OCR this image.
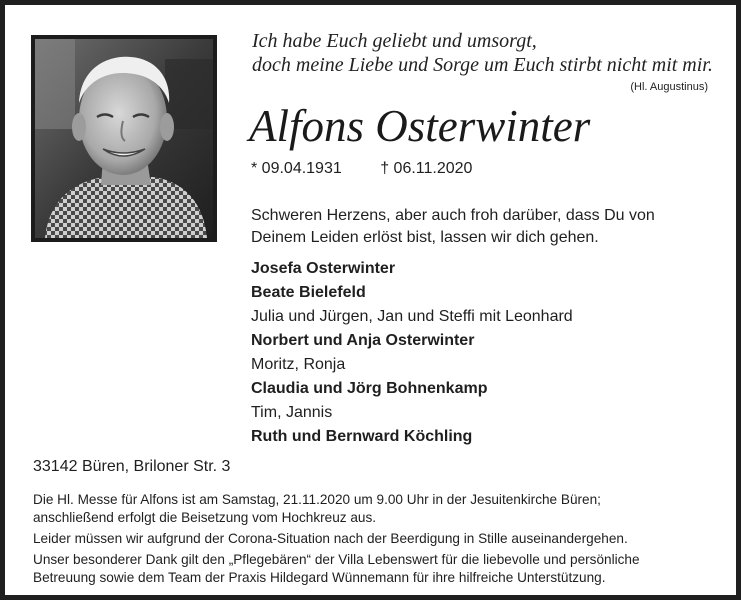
Ich habe Euch geliebt und umsorgt,
doch meine Liebe und Sorge um Euch stirbt nicht mit mir.
(Hl. Augustinus)
Alfons Osterwinter
* 09.04.1931 † 06.11.2020
Schweren Herzens, aber auch froh darüber, dass Du von
Deinem Leiden erlöst bist, lassen wir dich gehen.
Josefa Osterwinter
Beate Bielefeld
Julia und Jürgen, Jan und Steffi mit Leonhard
Norbert und Anja Osterwinter
Moritz, Ronja
Claudia und Jörg Bohnenkamp
Tim, Jannis
Ruth und Bernward Köchling
33142 Büren, Briloner Str. 3
Die Hl. Messe für Alfons ist am Samstag, 21.11.2020 um 9.00 Uhr in der Jesuitenkirche Büren;
anschließend erfolgt die Beisetzung vom Hochkreuz aus.
Leider müssen wir aufgrund der Corona-Situation nach der Beerdigung in Stille auseinandergehen.
Unser besonderer Dank gilt den „Pflegebären“ der Villa Lebenswert für die liebevolle und persönliche
Betreuung sowie dem Team der Praxis Hildegard Wünnemann für ihre hilfreiche Unterstützung.
